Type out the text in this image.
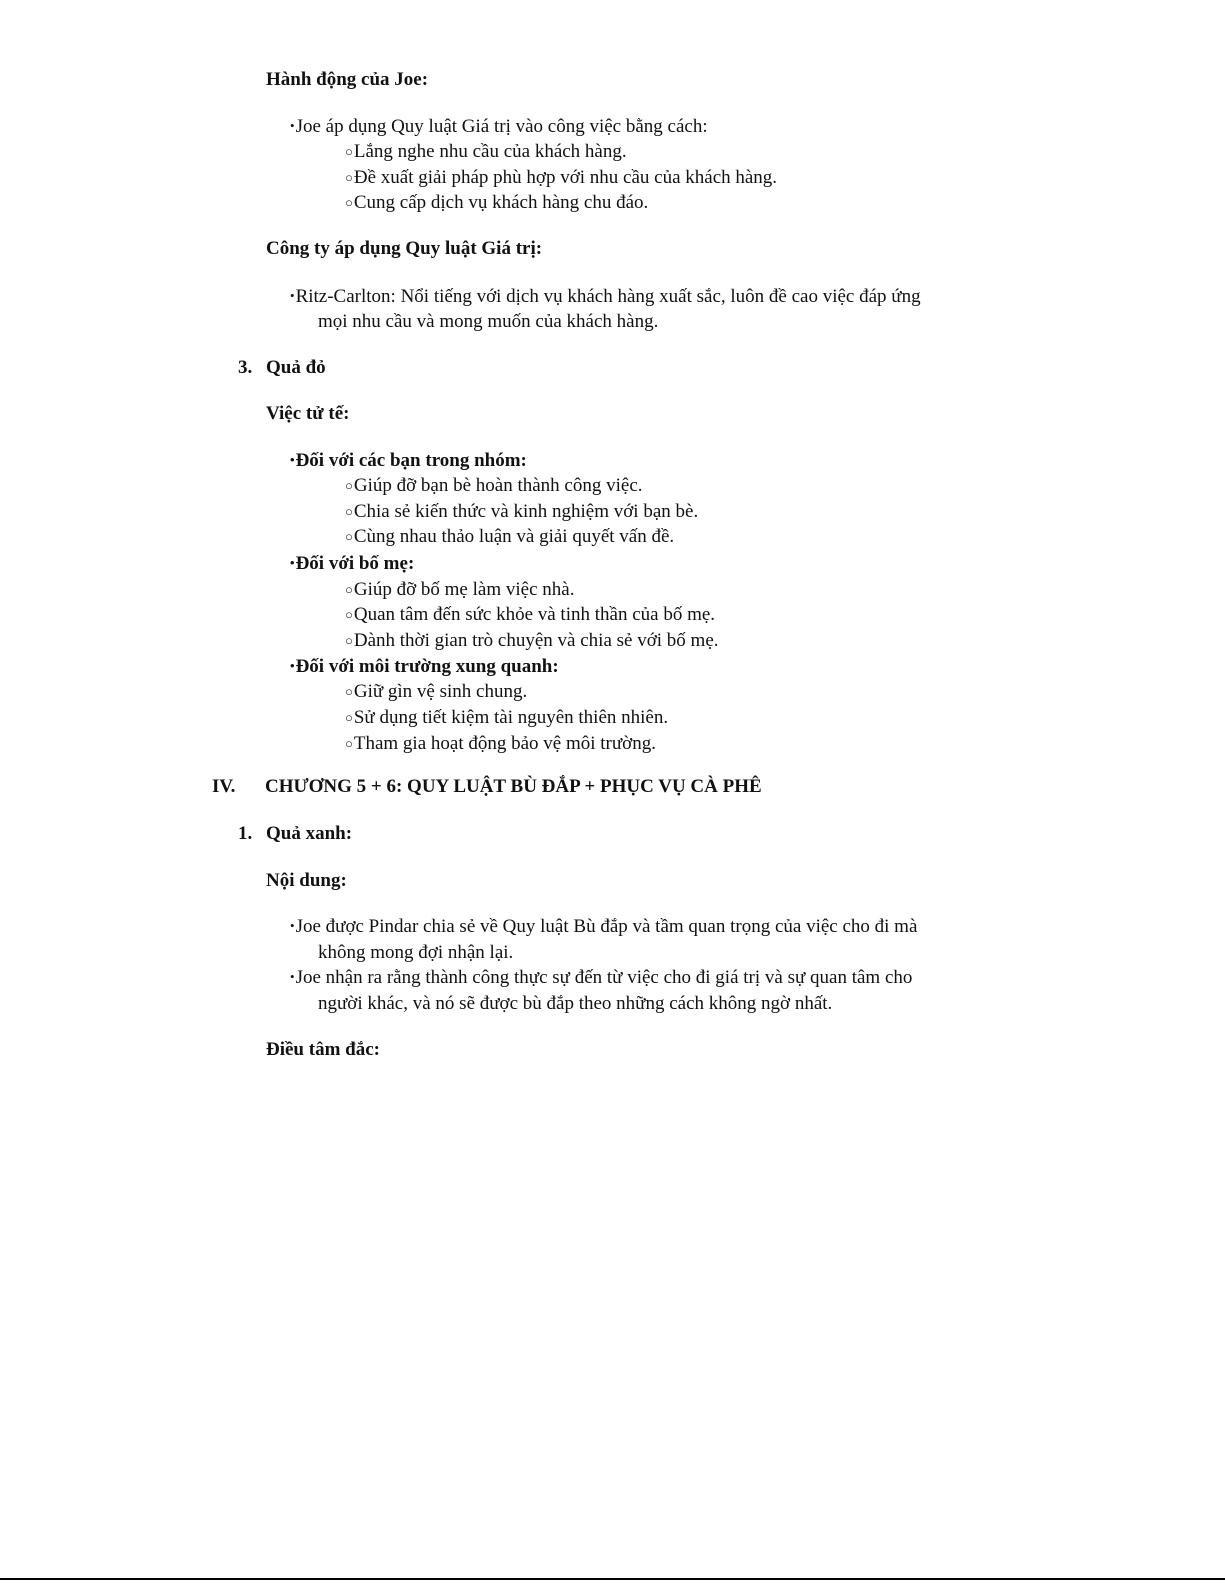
Hành động của Joe:
•Joe áp dụng Quy luật Giá trị vào công việc bằng cách:
○Lắng nghe nhu cầu của khách hàng.
○Đề xuất giải pháp phù hợp với nhu cầu của khách hàng.
○Cung cấp dịch vụ khách hàng chu đáo.
Công ty áp dụng Quy luật Giá trị:
•Ritz-Carlton: Nổi tiếng với dịch vụ khách hàng xuất sắc, luôn đề cao việc đáp ứng
mọi nhu cầu và mong muốn của khách hàng.
3. Quả đỏ
Việc tử tế:
•Đối với các bạn trong nhóm:
○Giúp đỡ bạn bè hoàn thành công việc.
○Chia sẻ kiến thức và kinh nghiệm với bạn bè.
○Cùng nhau thảo luận và giải quyết vấn đề.
•Đối với bố mẹ:
○Giúp đỡ bố mẹ làm việc nhà.
○Quan tâm đến sức khỏe và tinh thần của bố mẹ.
○Dành thời gian trò chuyện và chia sẻ với bố mẹ.
•Đối với môi trường xung quanh:
○Giữ gìn vệ sinh chung.
○Sử dụng tiết kiệm tài nguyên thiên nhiên.
○Tham gia hoạt động bảo vệ môi trường.
IV. CHƯƠNG 5 + 6: QUY LUẬT BÙ ĐẮP + PHỤC VỤ CÀ PHÊ
1. Quả xanh:
Nội dung:
•Joe được Pindar chia sẻ về Quy luật Bù đắp và tầm quan trọng của việc cho đi mà
không mong đợi nhận lại.
•Joe nhận ra rằng thành công thực sự đến từ việc cho đi giá trị và sự quan tâm cho
người khác, và nó sẽ được bù đắp theo những cách không ngờ nhất.
Điều tâm đắc:
